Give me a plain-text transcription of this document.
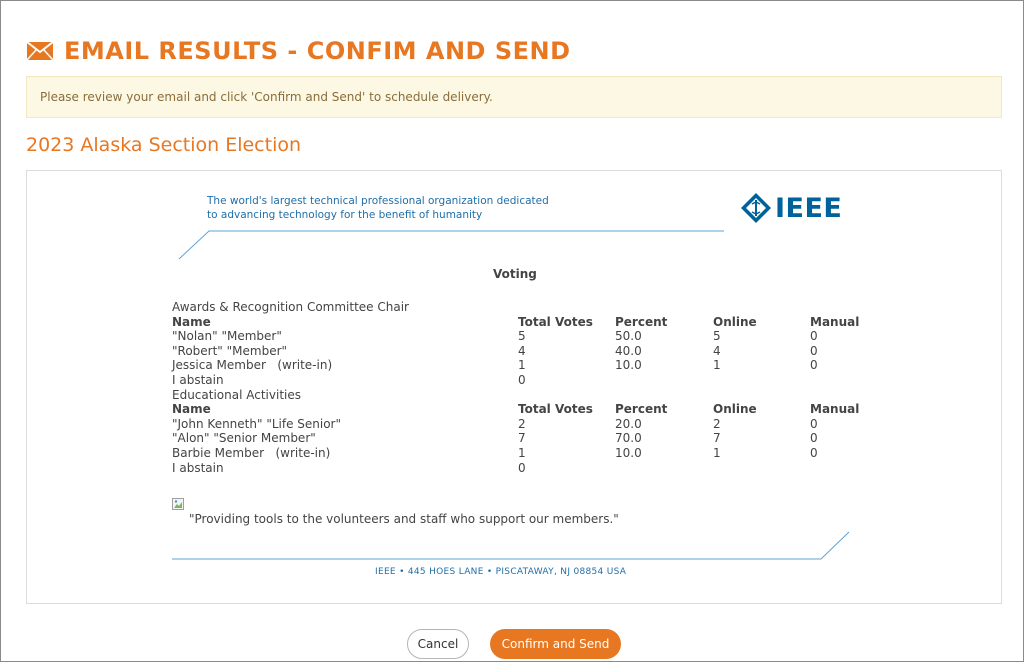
EMAIL RESULTS - CONFIM AND SEND
Please review your email and click 'Confirm and Send' to schedule delivery.
2023 Alaska Section Election
The world's largest technical professional organization dedicated
to advancing technology for the benefit of humanity	IEEE
Voting
Awards & Recognition Committee Chair
Name	Total Votes	Percent	Online	Manual
"Nolan" "Member"	5	50.0	5	0
"Robert" "Member"	4	40.0	4	0
Jessica Member   (write-in)	1	10.0	1	0
I abstain	0
Educational Activities
Name	Total Votes	Percent	Online	Manual
"John Kenneth" "Life Senior"	2	20.0	2	0
"Alon" "Senior Member"	7	70.0	7	0
Barbie Member   (write-in)	1	10.0	1	0
I abstain	0
"Providing tools to the volunteers and staff who support our members."
IEEE • 445 HOES LANE • PISCATAWAY, NJ 08854 USA
Cancel	Confirm and Send
